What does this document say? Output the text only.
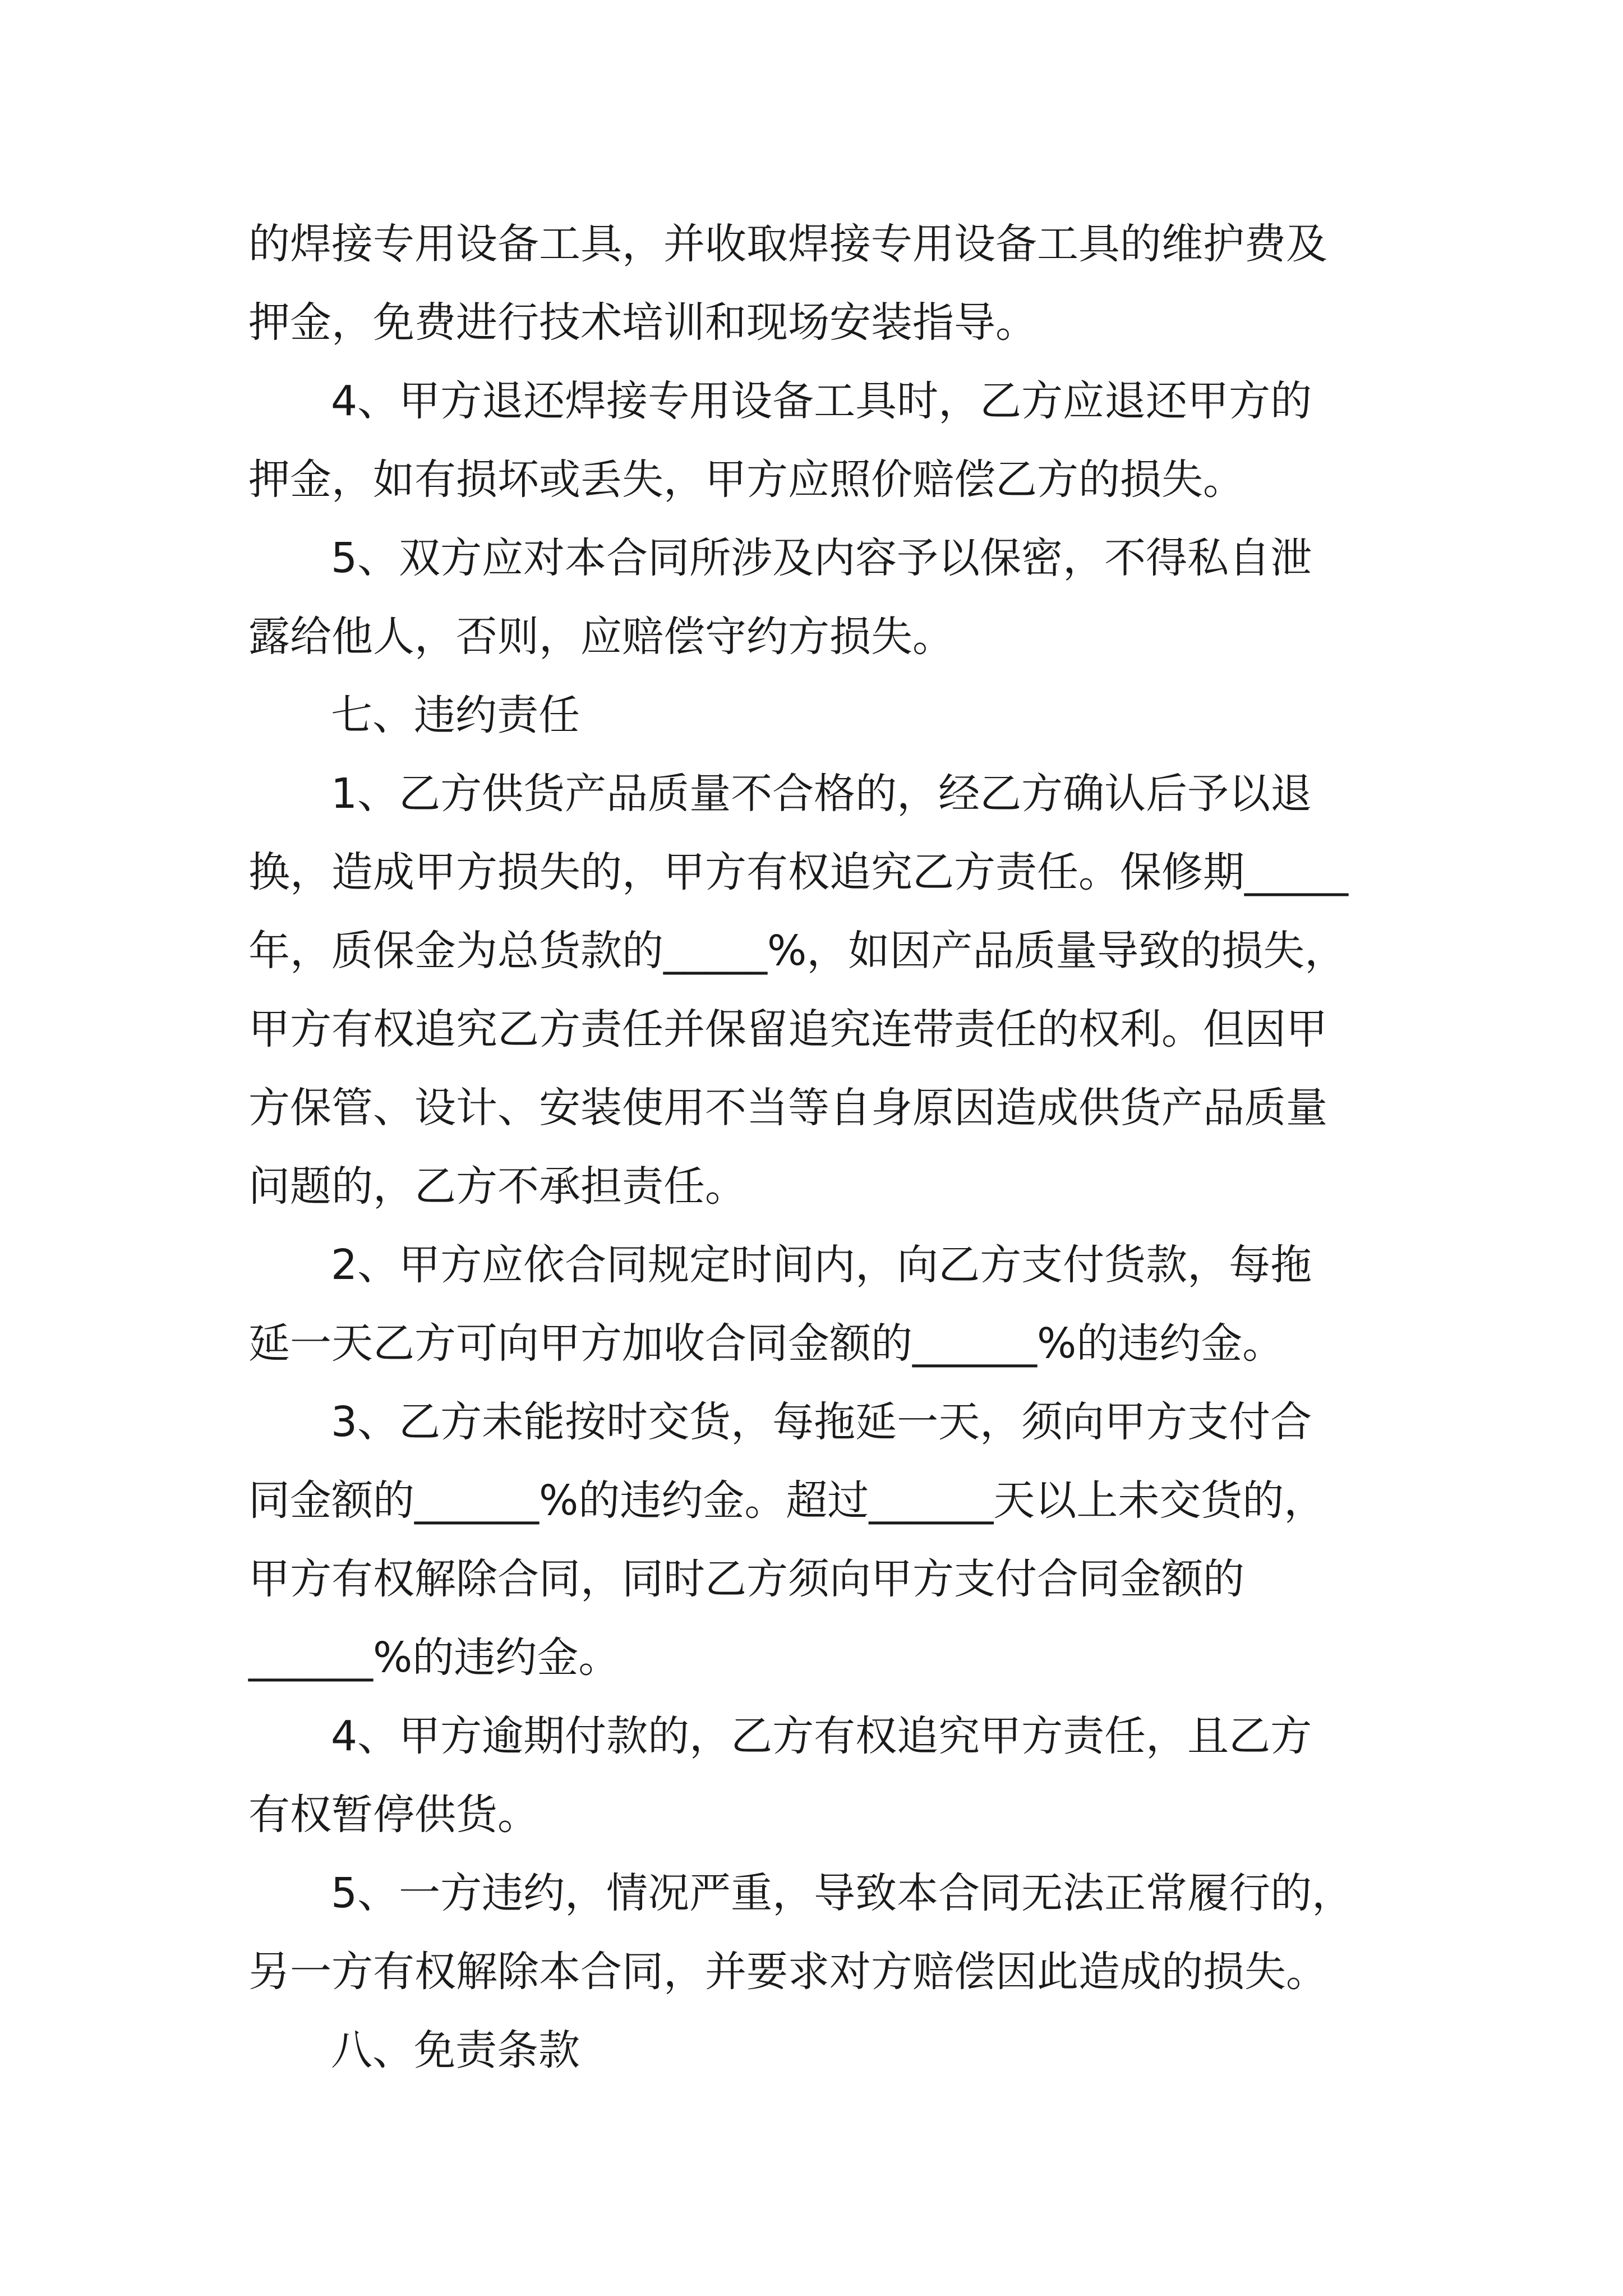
的焊接专用设备工具，并收取焊接专用设备工具的维护费及
押金，免费进行技术培训和现场安装指导。
4、甲方退还焊接专用设备工具时，乙方应退还甲方的
押金，如有损坏或丢失，甲方应照价赔偿乙方的损失。
5、双方应对本合同所涉及内容予以保密，不得私自泄
露给他人，否则，应赔偿守约方损失。
七、违约责任
1、乙方供货产品质量不合格的，经乙方确认后予以退
换，造成甲方损失的，甲方有权追究乙方责任。保修期_____
年，质保金为总货款的_____%，如因产品质量导致的损失，
甲方有权追究乙方责任并保留追究连带责任的权利。但因甲
方保管、设计、安装使用不当等自身原因造成供货产品质量
问题的，乙方不承担责任。
2、甲方应依合同规定时间内，向乙方支付货款，每拖
延一天乙方可向甲方加收合同金额的______%的违约金。
3、乙方未能按时交货，每拖延一天，须向甲方支付合
同金额的______%的违约金。超过______天以上未交货的，
甲方有权解除合同，同时乙方须向甲方支付合同金额的
______%的违约金。
4、甲方逾期付款的，乙方有权追究甲方责任，且乙方
有权暂停供货。
5、一方违约，情况严重，导致本合同无法正常履行的，
另一方有权解除本合同，并要求对方赔偿因此造成的损失。
八、免责条款
